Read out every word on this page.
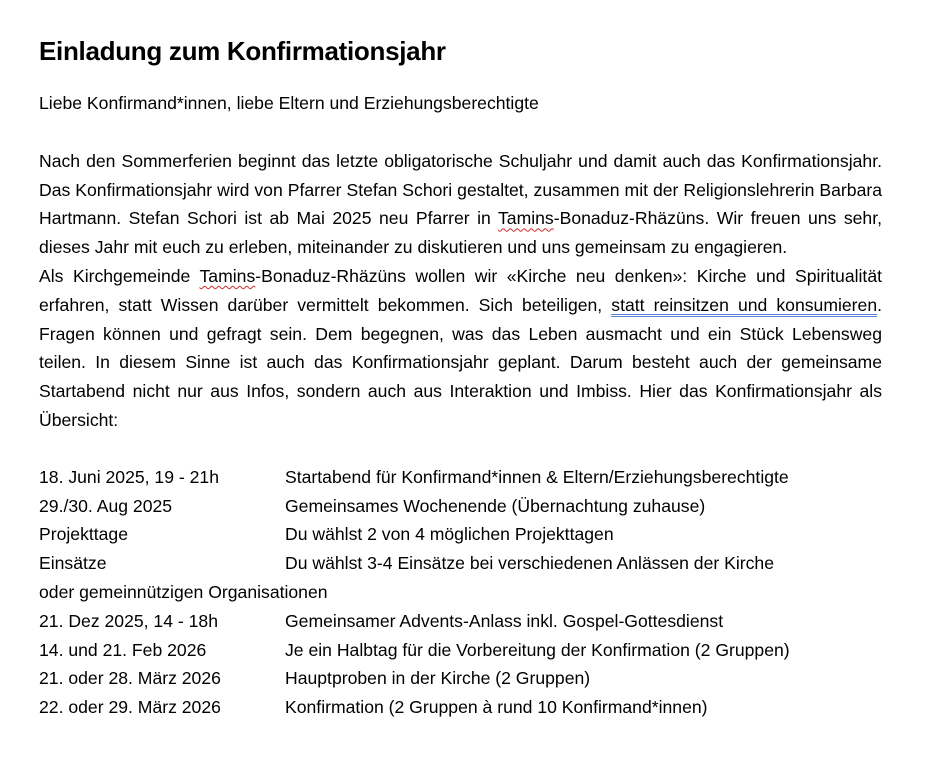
Einladung zum Konfirmationsjahr

Liebe Konfirmand*innen, liebe Eltern und Erziehungsberechtigte

Nach den Sommerferien beginnt das letzte obligatorische Schuljahr und damit auch das Konfirmationsjahr. Das Konfirmationsjahr wird von Pfarrer Stefan Schori gestaltet, zusammen mit der Religionslehrerin Barbara Hartmann. Stefan Schori ist ab Mai 2025 neu Pfarrer in Tamins-Bonaduz-Rhäzüns. Wir freuen uns sehr, dieses Jahr mit euch zu erleben, miteinander zu diskutieren und uns gemeinsam zu engagieren.
Als Kirchgemeinde Tamins-Bonaduz-Rhäzüns wollen wir «Kirche neu denken»: Kirche und Spiritualität erfahren, statt Wissen darüber vermittelt bekommen. Sich beteiligen, statt reinsitzen und konsumieren. Fragen können und gefragt sein. Dem begegnen, was das Leben ausmacht und ein Stück Lebensweg teilen. In diesem Sinne ist auch das Konfirmationsjahr geplant. Darum besteht auch der gemeinsame Startabend nicht nur aus Infos, sondern auch aus Interaktion und Imbiss. Hier das Konfirmationsjahr als Übersicht:
18. Juni 2025, 19 - 21h	Startabend für Konfirmand*innen & Eltern/Erziehungsberechtigte
29./30. Aug 2025	Gemeinsames Wochenende (Übernachtung zuhause)
Projekttage	Du wählst 2 von 4 möglichen Projekttagen
Einsätze	Du wählst 3-4 Einsätze bei verschiedenen Anlässen der Kirche
oder gemeinnützigen Organisationen
21. Dez 2025, 14 - 18h	Gemeinsamer Advents-Anlass inkl. Gospel-Gottesdienst
14. und 21. Feb 2026	Je ein Halbtag für die Vorbereitung der Konfirmation (2 Gruppen)
21. oder 28. März 2026	Hauptproben in der Kirche (2 Gruppen)
22. oder 29. März 2026	Konfirmation (2 Gruppen à rund 10 Konfirmand*innen)
